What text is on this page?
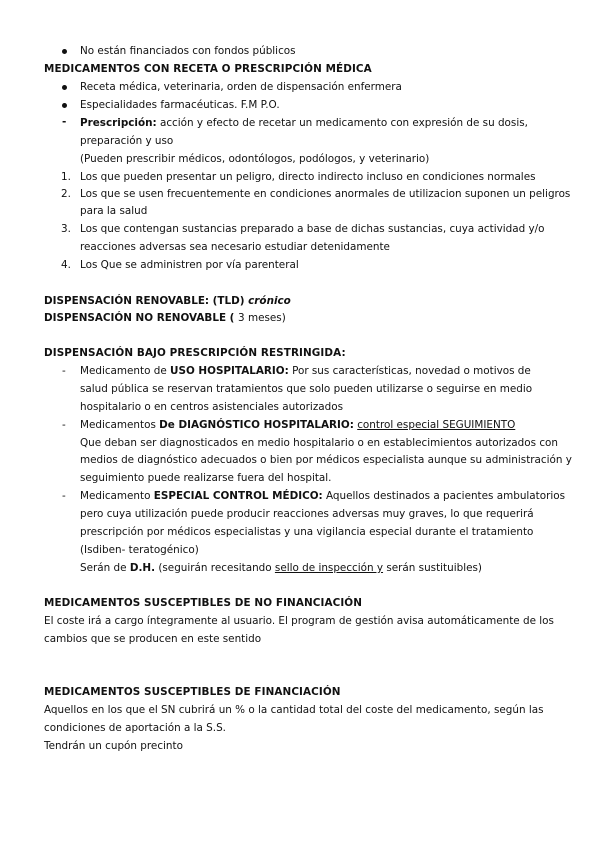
No están financiados con fondos públicos
MEDICAMENTOS CON RECETA O PRESCRIPCIÓN MÉDICA
Receta médica, veterinaria, orden de dispensación enfermera
Especialidades farmacéuticas. F.M P.O.
- Prescripción: acción y efecto de recetar un medicamento con expresión de su dosis,
preparación y uso
(Pueden prescribir médicos, odontólogos, podólogos, y veterinario)
1. Los que pueden presentar un peligro, directo indirecto incluso en condiciones normales
2. Los que se usen frecuentemente en condiciones anormales de utilizacion suponen un peligros
para la salud
3. Los que contengan sustancias preparado a base de dichas sustancias, cuya actividad y/o
reacciones adversas sea necesario estudiar detenidamente
4. Los Que se administren por vía parenteral
DISPENSACIÓN RENOVABLE: (TLD) crónico
DISPENSACIÓN NO RENOVABLE ( 3 meses)
DISPENSACIÓN BAJO PRESCRIPCIÓN RESTRINGIDA:
- Medicamento de USO HOSPITALARIO: Por sus características, novedad o motivos de
salud pública se reservan tratamientos que solo pueden utilizarse o seguirse en medio
hospitalario o en centros asistenciales autorizados
- Medicamentos De DIAGNÓSTICO HOSPITALARIO: control especial SEGUIMIENTO
Que deban ser diagnosticados en medio hospitalario o en establecimientos autorizados con
medios de diagnóstico adecuados o bien por médicos especialista aunque su administración y
seguimiento puede realizarse fuera del hospital.
- Medicamento ESPECIAL CONTROL MÉDICO: Aquellos destinados a pacientes ambulatorios
pero cuya utilización puede producir reacciones adversas muy graves, lo que requerirá
prescripción por médicos especialistas y una vigilancia especial durante el tratamiento
(Isdiben- teratogénico)
Serán de D.H. (seguirán recesitando sello de inspección y serán sustituibles)
MEDICAMENTOS SUSCEPTIBLES DE NO FINANCIACIÓN
El coste irá a cargo íntegramente al usuario. El program de gestión avisa automáticamente de los
cambios que se producen en este sentido
MEDICAMENTOS SUSCEPTIBLES DE FINANCIACIÓN
Aquellos en los que el SN cubrirá un % o la cantidad total del coste del medicamento, según las
condiciones de aportación a la S.S.
Tendrán un cupón precinto
